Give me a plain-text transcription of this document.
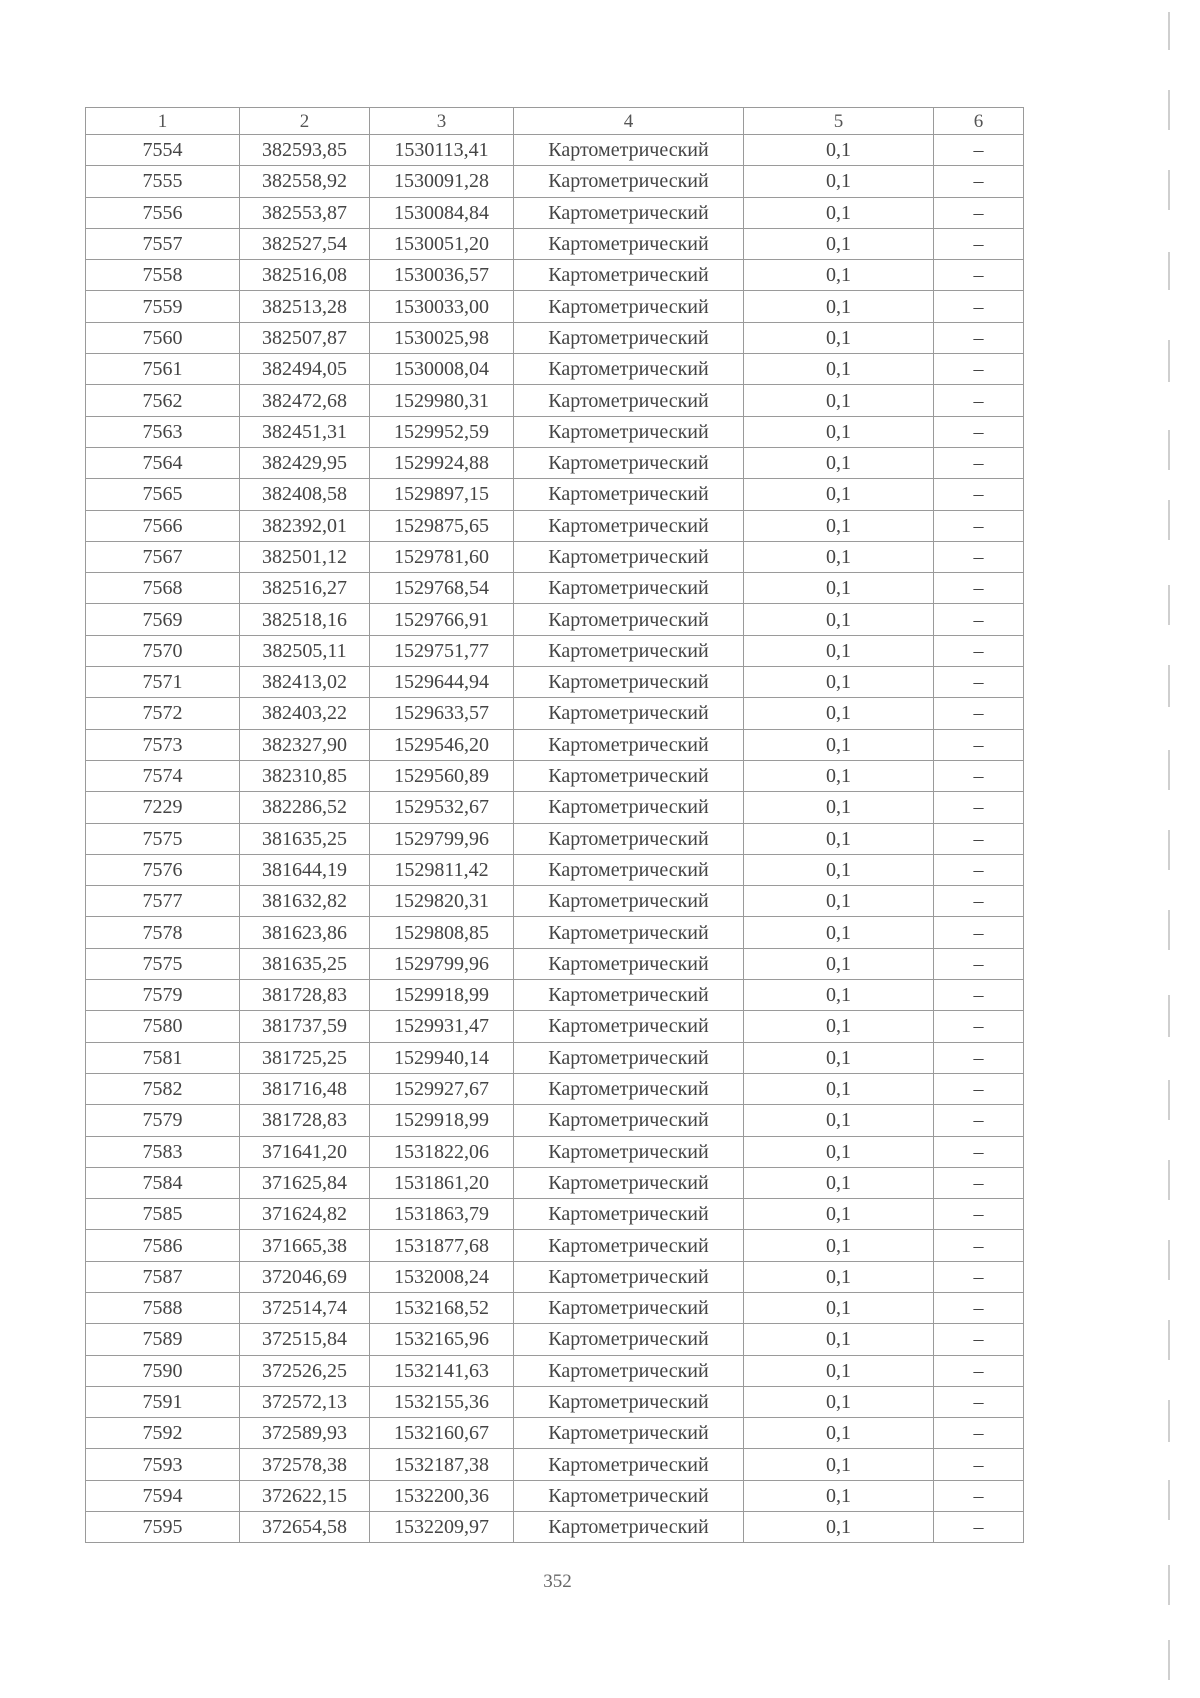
1	2	3	4	5	6
7554	382593,85	1530113,41	Картометрический	0,1	–
7555	382558,92	1530091,28	Картометрический	0,1	–
7556	382553,87	1530084,84	Картометрический	0,1	–
7557	382527,54	1530051,20	Картометрический	0,1	–
7558	382516,08	1530036,57	Картометрический	0,1	–
7559	382513,28	1530033,00	Картометрический	0,1	–
7560	382507,87	1530025,98	Картометрический	0,1	–
7561	382494,05	1530008,04	Картометрический	0,1	–
7562	382472,68	1529980,31	Картометрический	0,1	–
7563	382451,31	1529952,59	Картометрический	0,1	–
7564	382429,95	1529924,88	Картометрический	0,1	–
7565	382408,58	1529897,15	Картометрический	0,1	–
7566	382392,01	1529875,65	Картометрический	0,1	–
7567	382501,12	1529781,60	Картометрический	0,1	–
7568	382516,27	1529768,54	Картометрический	0,1	–
7569	382518,16	1529766,91	Картометрический	0,1	–
7570	382505,11	1529751,77	Картометрический	0,1	–
7571	382413,02	1529644,94	Картометрический	0,1	–
7572	382403,22	1529633,57	Картометрический	0,1	–
7573	382327,90	1529546,20	Картометрический	0,1	–
7574	382310,85	1529560,89	Картометрический	0,1	–
7229	382286,52	1529532,67	Картометрический	0,1	–
7575	381635,25	1529799,96	Картометрический	0,1	–
7576	381644,19	1529811,42	Картометрический	0,1	–
7577	381632,82	1529820,31	Картометрический	0,1	–
7578	381623,86	1529808,85	Картометрический	0,1	–
7575	381635,25	1529799,96	Картометрический	0,1	–
7579	381728,83	1529918,99	Картометрический	0,1	–
7580	381737,59	1529931,47	Картометрический	0,1	–
7581	381725,25	1529940,14	Картометрический	0,1	–
7582	381716,48	1529927,67	Картометрический	0,1	–
7579	381728,83	1529918,99	Картометрический	0,1	–
7583	371641,20	1531822,06	Картометрический	0,1	–
7584	371625,84	1531861,20	Картометрический	0,1	–
7585	371624,82	1531863,79	Картометрический	0,1	–
7586	371665,38	1531877,68	Картометрический	0,1	–
7587	372046,69	1532008,24	Картометрический	0,1	–
7588	372514,74	1532168,52	Картометрический	0,1	–
7589	372515,84	1532165,96	Картометрический	0,1	–
7590	372526,25	1532141,63	Картометрический	0,1	–
7591	372572,13	1532155,36	Картометрический	0,1	–
7592	372589,93	1532160,67	Картометрический	0,1	–
7593	372578,38	1532187,38	Картометрический	0,1	–
7594	372622,15	1532200,36	Картометрический	0,1	–
7595	372654,58	1532209,97	Картометрический	0,1	–
352
